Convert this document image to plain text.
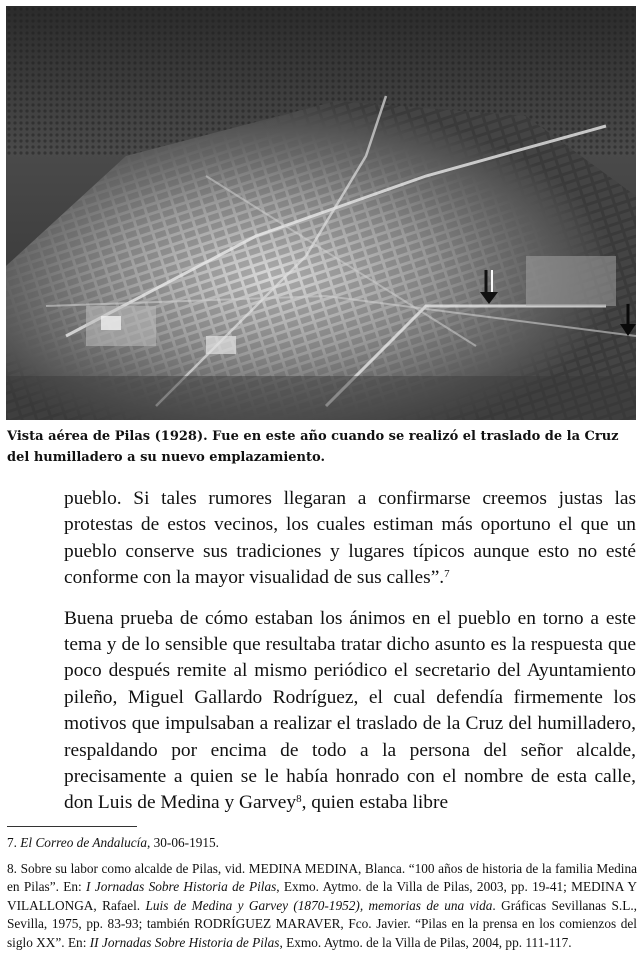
Vista aérea de Pilas (1928). Fue en este año cuando se realizó el traslado de la Cruz del humilladero a su nuevo emplazamiento.

pueblo. Si tales rumores llegaran a confirmarse creemos justas las protestas de estos vecinos, los cuales estiman más oportuno el que un pueblo conserve sus tradiciones y lugares típicos aunque esto no esté conforme con la mayor visualidad de sus calles”.$^7$

Buena prueba de cómo estaban los ánimos en el pueblo en torno a este tema y de lo sensible que resultaba tratar dicho asunto es la respuesta que poco después remite al mismo periódico el secretario del Ayuntamiento pileño, Miguel Gallardo Rodríguez, el cual defendía firmemente los motivos que impulsaban a realizar el traslado de la Cruz del humilladero, respaldando por encima de todo a la persona del señor alcalde, precisamente a quien se le había honrado con el nombre de esta calle, don Luis de Medina y Garvey$^8$, quien estaba libre

7. El Correo de Andalucía, 30-06-1915.

8. Sobre su labor como alcalde de Pilas, vid. MEDINA MEDINA, Blanca. “100 años de historia de la familia Medina en Pilas”. En: I Jornadas Sobre Historia de Pilas, Exmo. Aytmo. de la Villa de Pilas, 2003, pp. 19-41; MEDINA Y VILALLONGA, Rafael. Luis de Medina y Garvey (1870-1952), memorias de una vida. Gráficas Sevillanas S.L., Sevilla, 1975, pp. 83-93; también RODRÍGUEZ MARAVER, Fco. Javier. “Pilas en la prensa en los comienzos del siglo XX”. En: II Jornadas Sobre Historia de Pilas, Exmo. Aytmo. de la Villa de Pilas, 2004, pp. 111-117.
